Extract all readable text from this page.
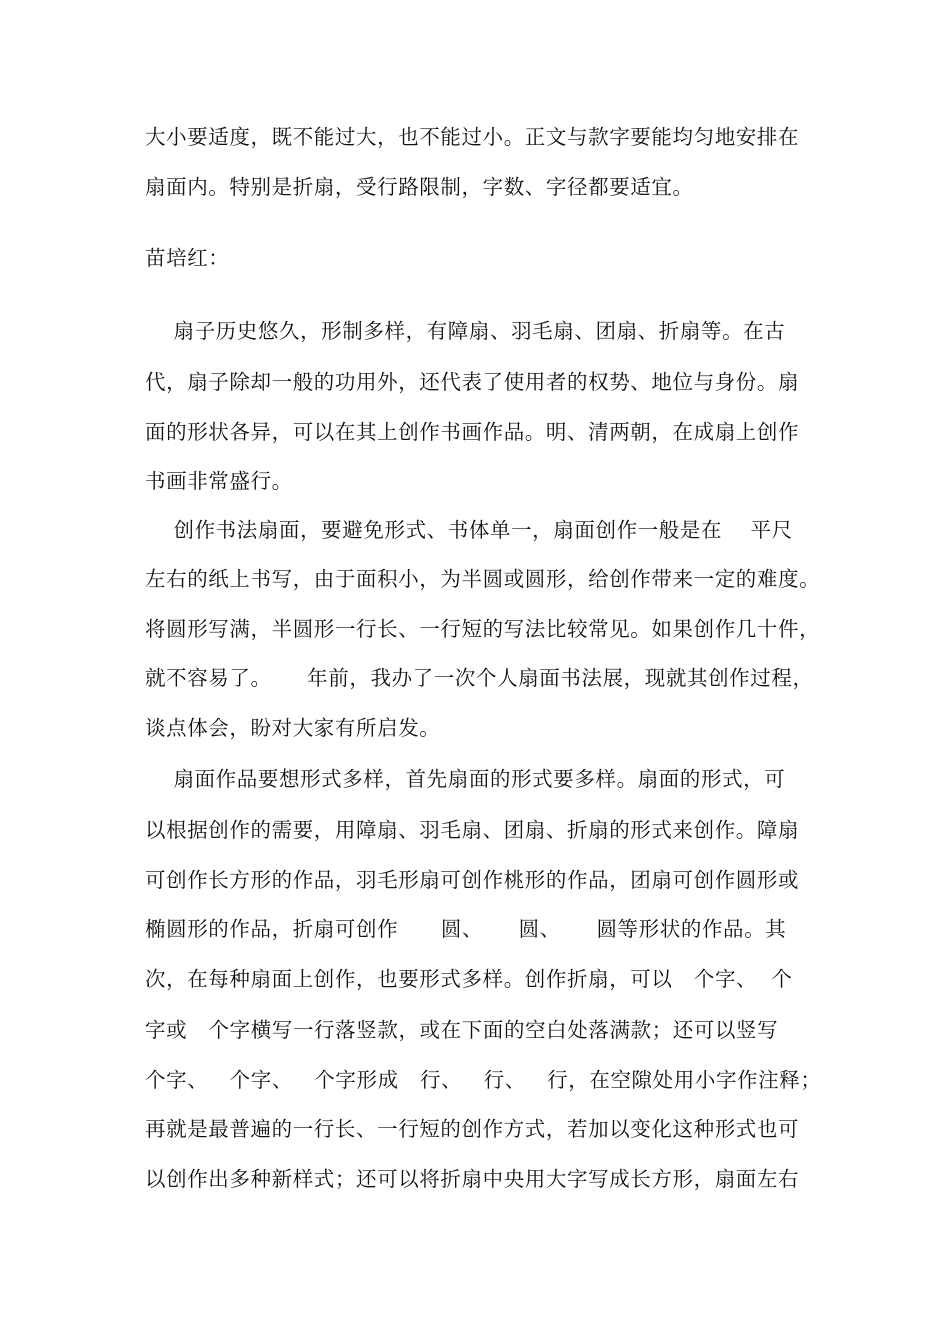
大小要适度，既不能过大，也不能过小。正文与款字要能均匀地安排在
扇面内。特别是折扇，受行路限制，字数、字径都要适宜。
苗培红：
扇子历史悠久，形制多样，有障扇、羽毛扇、团扇、折扇等。在古
代，扇子除却一般的功用外，还代表了使用者的权势、地位与身份。扇
面的形状各异，可以在其上创作书画作品。明、清两朝，在成扇上创作
书画非常盛行。
创作书法扇面，要避免形式、书体单一，扇面创作一般是在    平尺
左右的纸上书写，由于面积小，为半圆或圆形，给创作带来一定的难度。
将圆形写满，半圆形一行长、一行短的写法比较常见。如果创作几十件，
就不容易了。     年前，我办了一次个人扇面书法展，现就其创作过程，
谈点体会，盼对大家有所启发。
扇面作品要想形式多样，首先扇面的形式要多样。扇面的形式，可
以根据创作的需要，用障扇、羽毛扇、团扇、折扇的形式来创作。障扇
可创作长方形的作品，羽毛形扇可创作桃形的作品，团扇可创作圆形或
椭圆形的作品，折扇可创作      圆、     圆、     圆等形状的作品。其
次，在每种扇面上创作，也要形式多样。创作折扇，可以   个字、  个
字或   个字横写一行落竖款，或在下面的空白处落满款；还可以竖写
个字、   个字、   个字形成   行、   行、   行，在空隙处用小字作注释；
再就是最普遍的一行长、一行短的创作方式，若加以变化这种形式也可
以创作出多种新样式；还可以将折扇中央用大字写成长方形，扇面左右
